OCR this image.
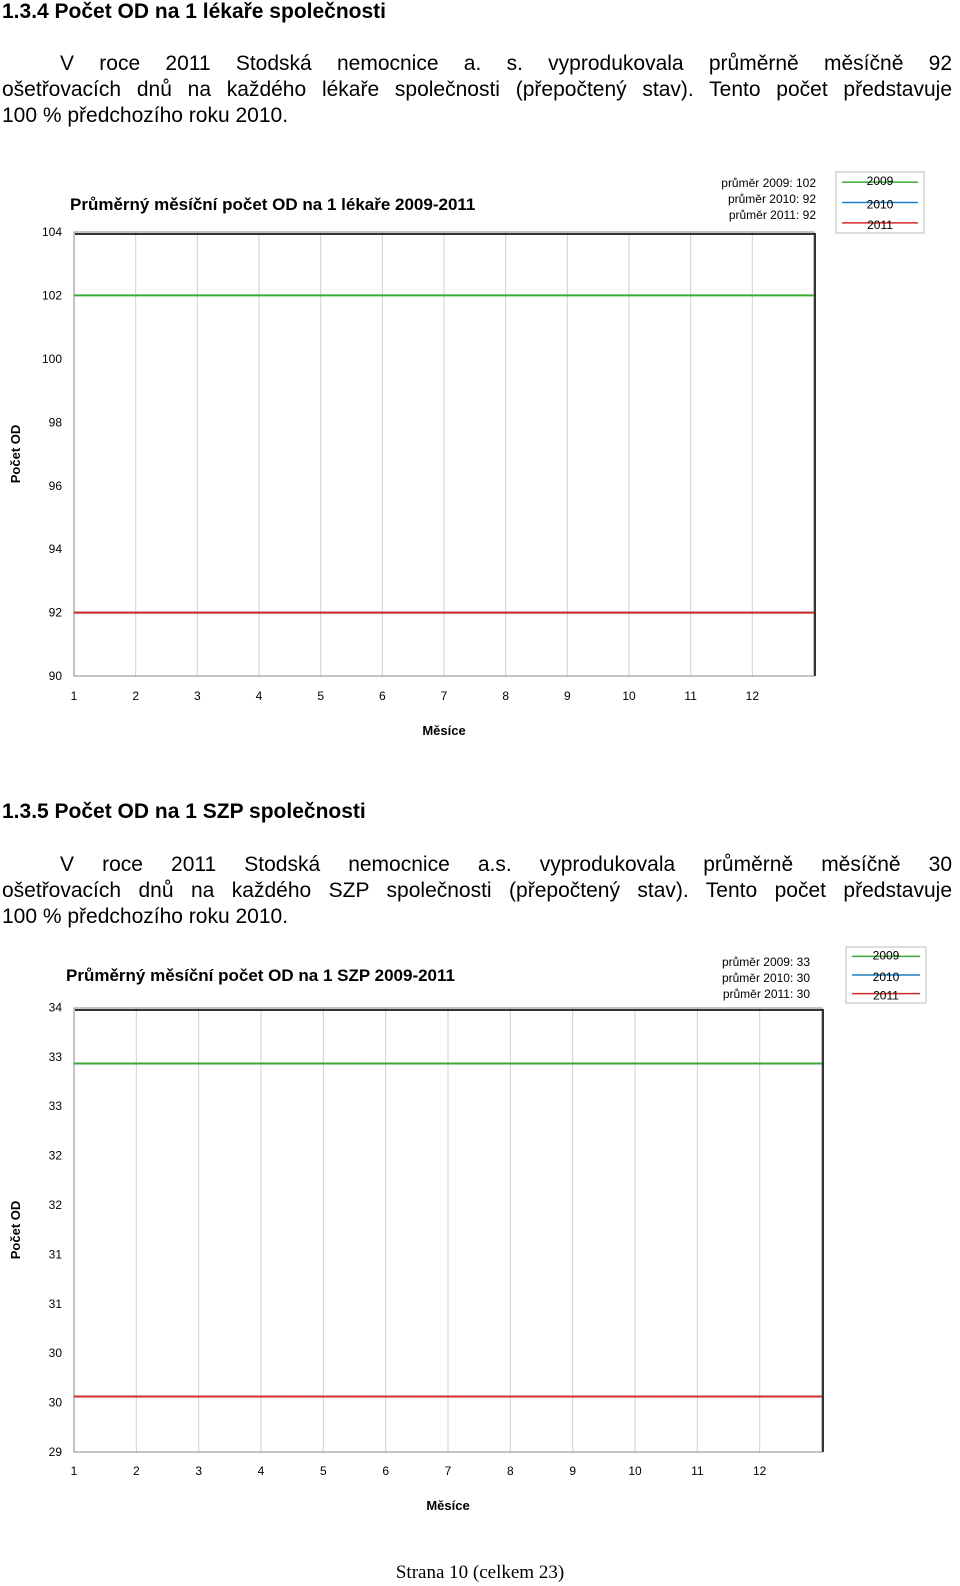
1.3.4 Počet OD na 1 lékaře společnosti

V roce 2011 Stodská nemocnice a. s. vyprodukovala průměrně měsíčně 92
ošetřovacích dnů na každého lékaře společnosti (přepočtený stav). Tento počet představuje
100 % předchozího roku 2010.

90
92
94
96
98
100
102
104
1	2	3	4	5	6	7	8	9	10	11	12
Měsíce
Počet OD
Průměrný měsíční počet OD na 1 lékaře 2009-2011
průměr 2009: 102
průměr 2010: 92
průměr 2011: 92
2009
2010
2011
1.3.5 Počet OD na 1 SZP společnosti

V roce 2011 Stodská nemocnice a.s. vyprodukovala průměrně měsíčně 30
ošetřovacích dnů na každého SZP společnosti (přepočtený stav). Tento počet představuje
100 % předchozího roku 2010.

29
30
30
31
31
32
32
33
33
34
1	2	3	4	5	6	7	8	9	10	11	12
Měsíce
Počet OD
Průměrný měsíční počet OD na 1 SZP 2009-2011
průměr 2009: 33
průměr 2010: 30
průměr 2011: 30
2009
2010
2011
Strana 10 (celkem 23)
